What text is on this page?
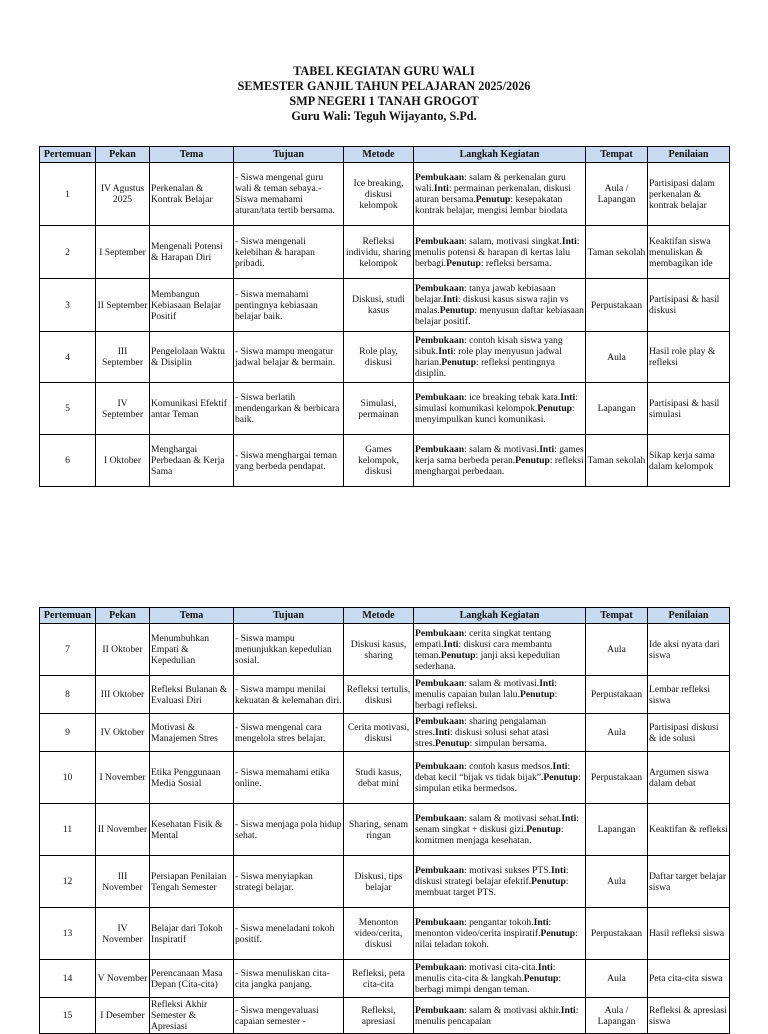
TABEL KEGIATAN GURU WALI
SEMESTER GANJIL TAHUN PELAJARAN 2025/2026
SMP NEGERI 1 TANAH GROGOT
Guru Wali: Teguh Wijayanto, S.Pd.
Pertemuan	Pekan	Tema	Tujuan	Metode	Langkah Kegiatan	Tempat	Penilaian
1	IV Agustus 2025	Perkenalan & Kontrak Belajar	- Siswa mengenal guru wali & teman sebaya.- Siswa memahami aturan/tata tertib bersama.	Ice breaking, diskusi kelompok	Pembukaan: salam & perkenalan guru wali.Inti: permainan perkenalan, diskusi aturan bersama.Penutup: kesepakatan kontrak belajar, mengisi lembar biodata	Aula / Lapangan	Partisipasi dalam perkenalan & kontrak belajar
2	I September	Mengenali Potensi & Harapan Diri	- Siswa mengenali kelebihan & harapan pribadi.	Refleksi individu, sharing kelompok	Pembukaan: salam, motivasi singkat.Inti: menulis potensi & harapan di kertas lalu berbagi.Penutup: refleksi bersama.	Taman sekolah	Keaktifan siswa menuliskan & membagikan ide
3	II September	Membangun Kebiasaan Belajar Positif	- Siswa memahami pentingnya kebiasaan belajar baik.	Diskusi, studi kasus	Pembukaan: tanya jawab kebiasaan belajar.Inti: diskusi kasus siswa rajin vs malas.Penutup: menyusun daftar kebiasaan belajar positif.	Perpustakaan	Partisipasi & hasil diskusi
4	III September	Pengelolaan Waktu & Disiplin	- Siswa mampu mengatur jadwal belajar & bermain.	Role play, diskusi	Pembukaan: contoh kisah siswa yang sibuk.Inti: role play menyusun jadwal harian.Penutup: refleksi pentingnya disiplin.	Aula	Hasil role play & refleksi
5	IV September	Komunikasi Efektif antar Teman	- Siswa berlatih mendengarkan & berbicara baik.	Simulasi, permainan	Pembukaan: ice breaking tebak kata.Inti: simulasi komunikasi kelompok.Penutup: menyimpulkan kunci komunikasi.	Lapangan	Partisipasi & hasil simulasi
6	I Oktober	Menghargai Perbedaan & Kerja Sama	- Siswa menghargai teman yang berbeda pendapat.	Games kelompok, diskusi	Pembukaan: salam & motivasi.Inti: games kerja sama berbeda peran.Penutup: refleksi menghargai perbedaan.	Taman sekolah	Sikap kerja sama dalam kelompok
Pertemuan	Pekan	Tema	Tujuan	Metode	Langkah Kegiatan	Tempat	Penilaian
7	II Oktober	Menumbuhkan Empati & Kepedulian	- Siswa mampu menunjukkan kepedulian sosial.	Diskusi kasus, sharing	Pembukaan: cerita singkat tentang empati.Inti: diskusi cara membantu teman.Penutup: janji aksi kepedulian sederhana.	Aula	Ide aksi nyata dari siswa
8	III Oktober	Refleksi Bulanan & Evaluasi Diri	- Siswa mampu menilai kekuatan & kelemahan diri.	Refleksi tertulis, diskusi	Pembukaan: salam & motivasi.Inti: menulis capaian bulan lalu.Penutup: berbagi refleksi.	Perpustakaan	Lembar refleksi siswa
9	IV Oktober	Motivasi & Manajemen Stres	- Siswa mengenal cara mengelola stres belajar.	Cerita motivasi, diskusi	Pembukaan: sharing pengalaman stres.Inti: diskusi solusi sehat atasi stres.Penutup: simpulan bersama.	Aula	Partisipasi diskusi & ide solusi
10	I November	Etika Penggunaan Media Sosial	- Siswa memahami etika online.	Studi kasus, debat mini	Pembukaan: contoh kasus medsos.Inti: debat kecil “bijak vs tidak bijak”.Penutup: simpulan etika bermedsos.	Perpustakaan	Argumen siswa dalam debat
11	II November	Kesehatan Fisik & Mental	- Siswa menjaga pola hidup sehat.	Sharing, senam ringan	Pembukaan: salam & motivasi sehat.Inti: senam singkat + diskusi gizi.Penutup: komitmen menjaga kesehatan.	Lapangan	Keaktifan & refleksi
12	III November	Persiapan Penilaian Tengah Semester	- Siswa menyiapkan strategi belajar.	Diskusi, tips belajar	Pembukaan: motivasi sukses PTS.Inti: diskusi strategi belajar efektif.Penutup: membuat target PTS.	Aula	Daftar target belajar siswa
13	IV November	Belajar dari Tokoh Inspiratif	- Siswa meneladani tokoh positif.	Menonton video/cerita, diskusi	Pembukaan: pengantar tokoh.Inti: menonton video/cerita inspiratif.Penutup: nilai teladan tokoh.	Perpustakaan	Hasil refleksi siswa
14	V November	Perencanaan Masa Depan (Cita-cita)	- Siswa menuliskan cita-cita jangka panjang.	Refleksi, peta cita-cita	Pembukaan: motivasi cita-cita.Inti: menulis cita-cita & langkah.Penutup: berbagi mimpi dengan teman.	Aula	Peta cita-cita siswa
15	I Desember	Refleksi Akhir Semester & Apresiasi	- Siswa mengevaluasi capaian semester -	Refleksi, apresiasi	Pembukaan: salam & motivasi akhir.Inti: menulis pencapaian	Aula / Lapangan	Refleksi & apresiasi siswa
